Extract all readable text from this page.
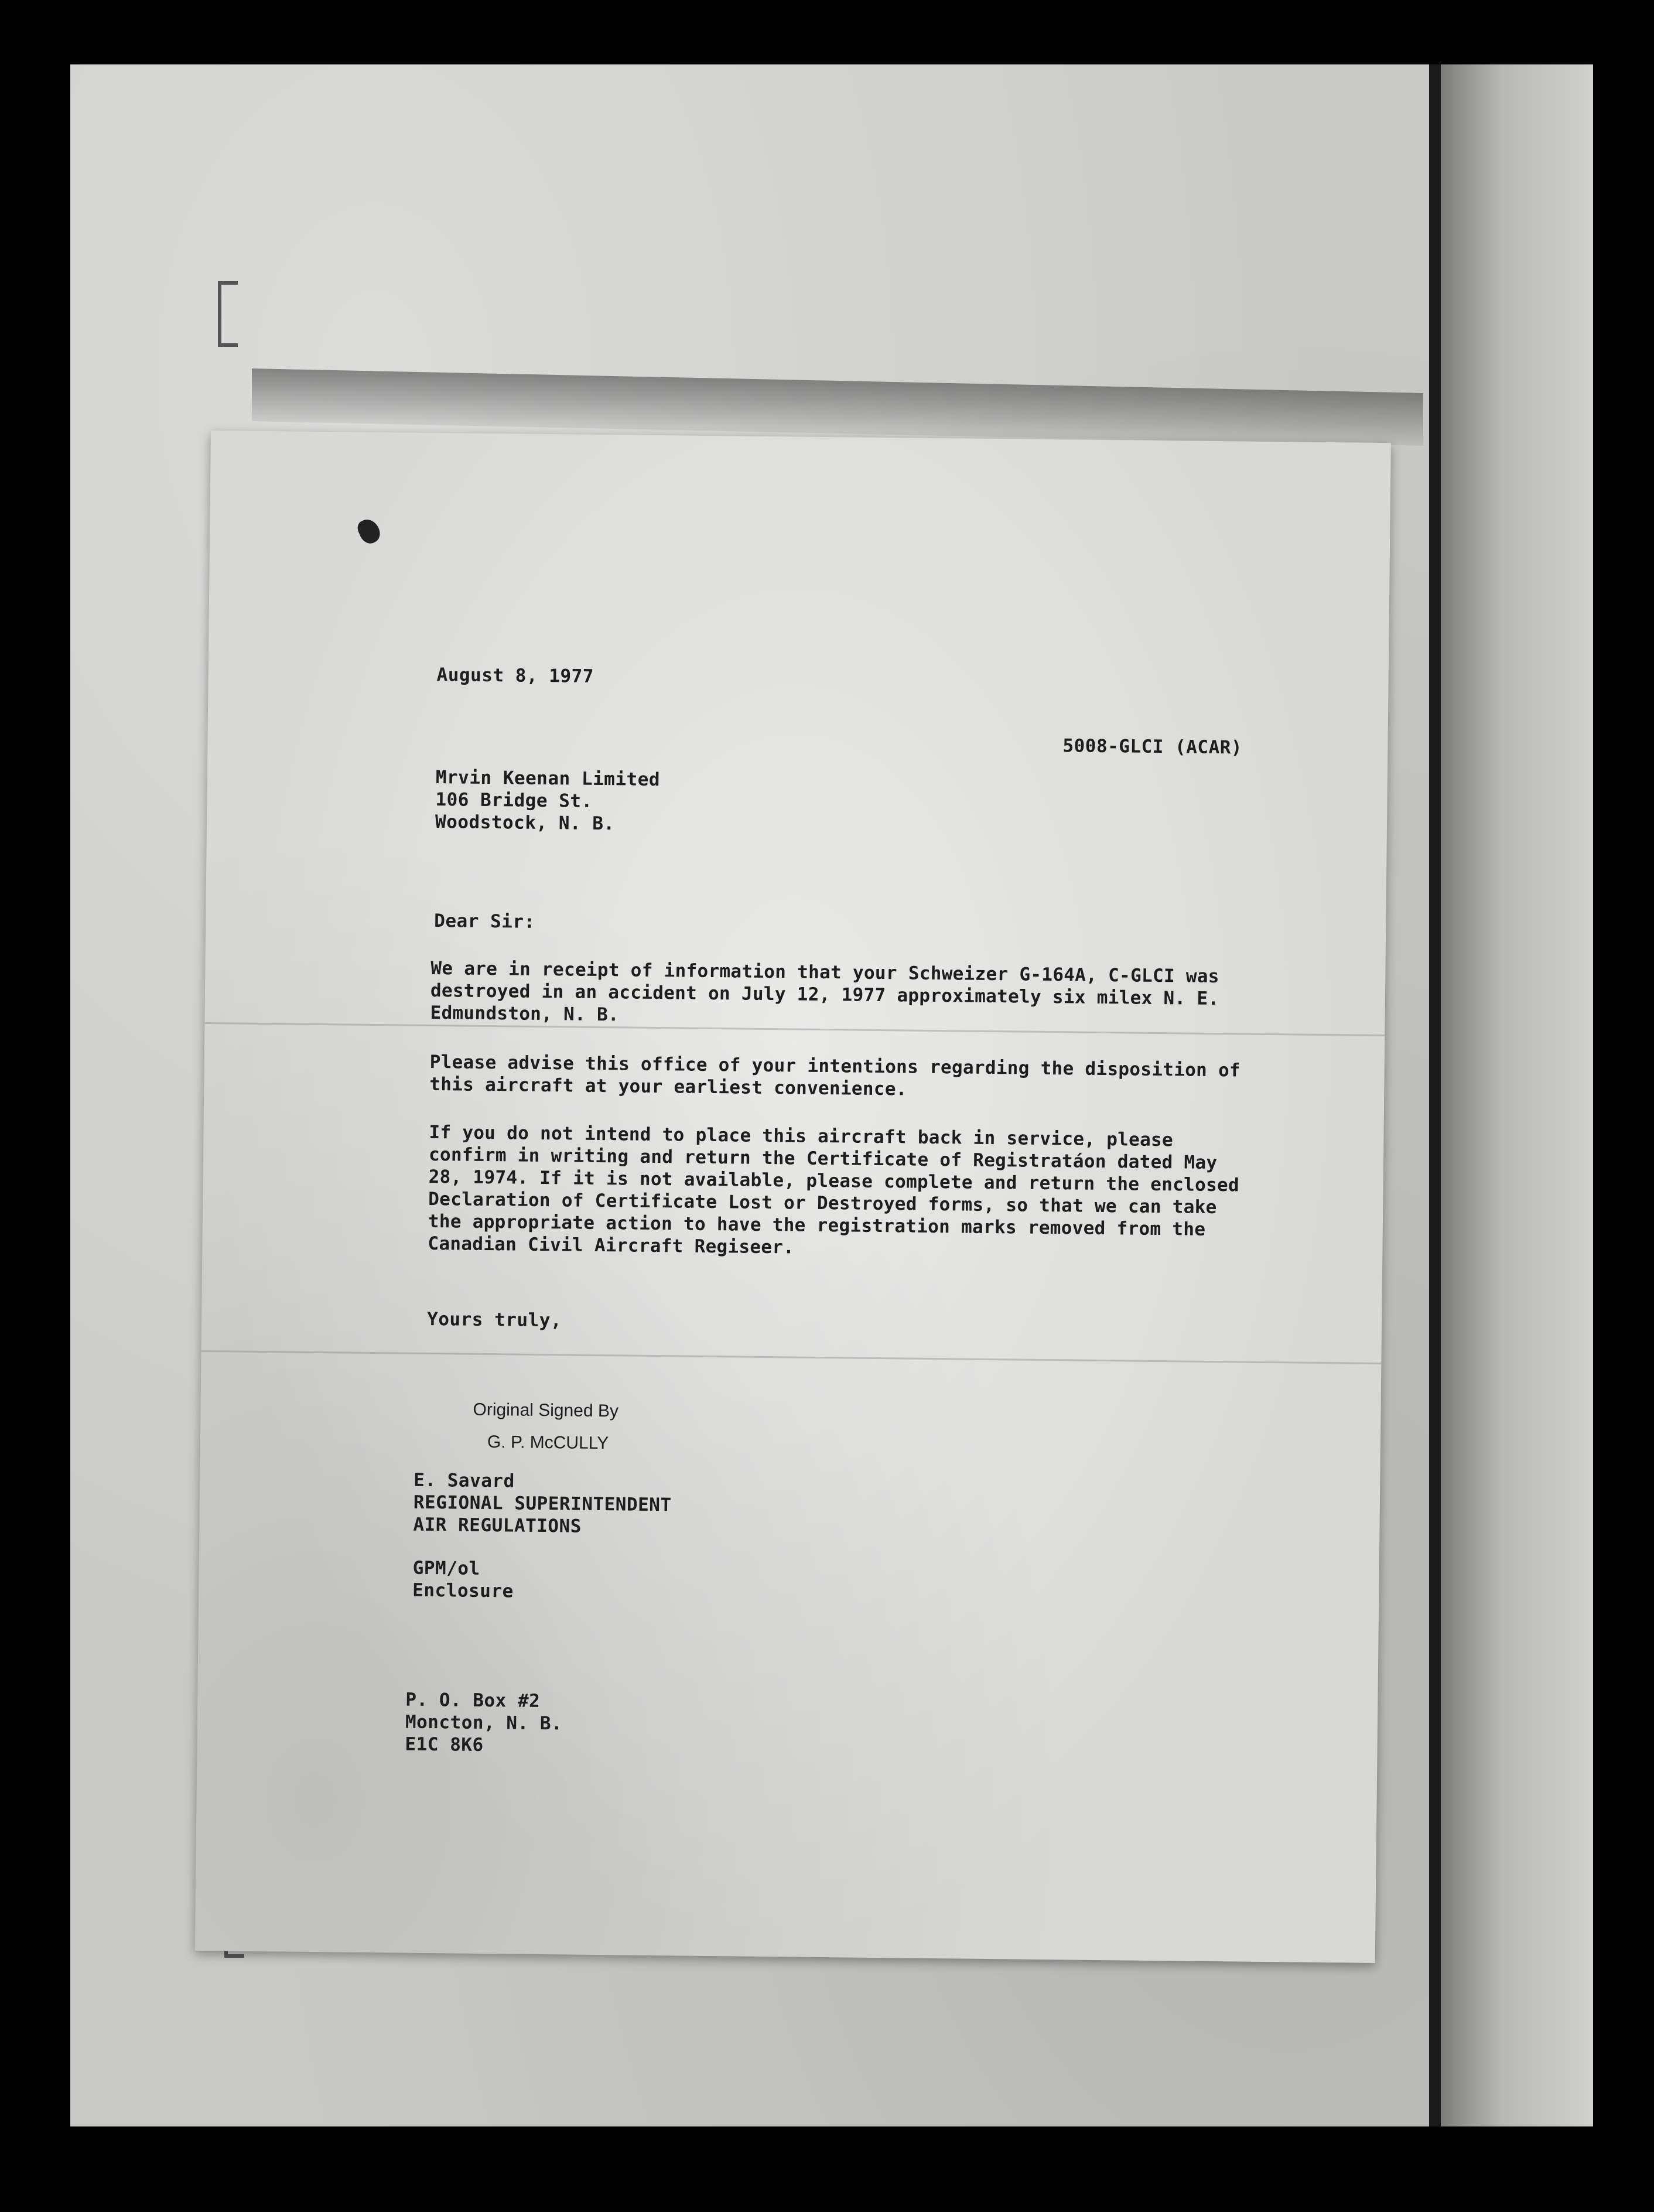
August 8, 1977
5008-GLCI (ACAR)
Mrvin Keenan Limited
106 Bridge St.
Woodstock, N. B.
Dear Sir:
We are in receipt of information that your Schweizer G-164A, C-GLCI was destroyed in an accident on July 12, 1977 approximately six milex N. E. Edmundston, N. B.
Please advise this office of your intentions regarding the disposition of this aircraft at your earliest convenience.
If you do not intend to place this aircraft back in service, please confirm in writing and return the Certificate of Registratáon dated May 28, 1974. If it is not available, please complete and return the enclosed Declaration of Certificate Lost or Destroyed forms, so that we can take the appropriate action to have the registration marks removed from the Canadian Civil Aircraft Regiseer.
Yours truly,
Original Signed By
G. P. McCULLY
E. Savard
REGIONAL SUPERINTENDENT
AIR REGULATIONS
GPM/ol
Enclosure
P. O. Box #2
Moncton, N. B.
E1C 8K6
